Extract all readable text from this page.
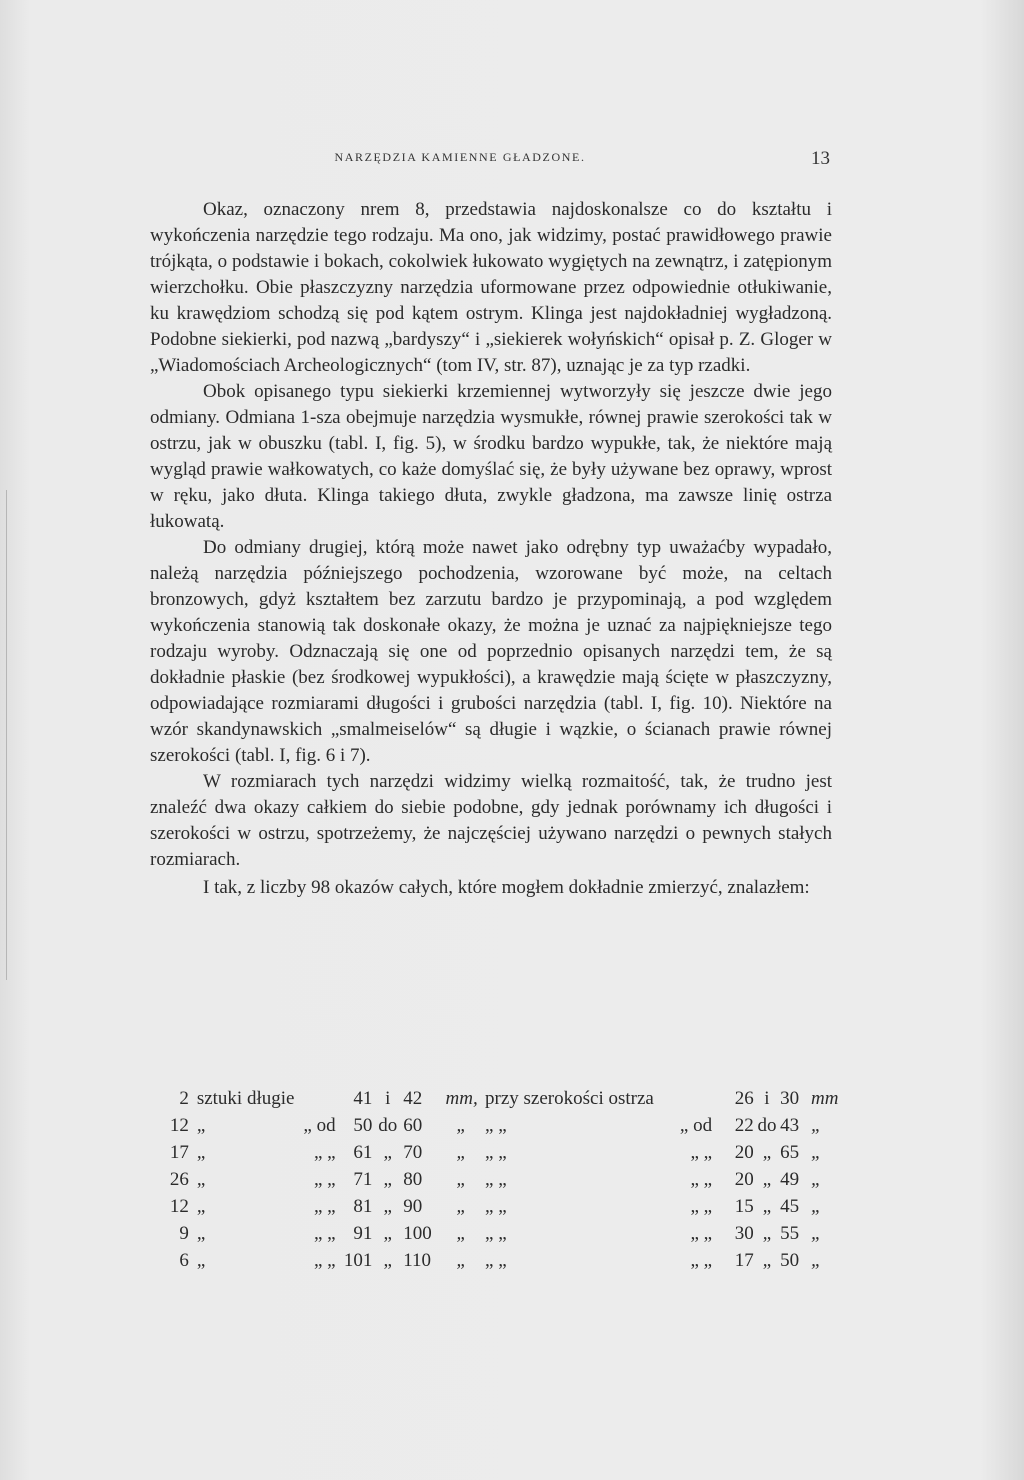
NARZĘDZIA KAMIENNE GŁADZONE.	13

Okaz, oznaczony nrem 8, przedstawia najdoskonalsze co do kształtu i wykończenia narzędzie tego rodzaju. Ma ono, jak widzimy, postać prawidłowego prawie trójkąta, o podstawie i bokach, cokolwiek łukowato wygiętych na zewnątrz, i zatępionym wierzchołku. Obie płaszczyzny narzędzia uformowane przez odpowiednie otłukiwanie, ku krawędziom schodzą się pod kątem ostrym. Klinga jest najdokładniej wygładzoną. Podobne siekierki, pod nazwą „bardyszy“ i „siekierek wołyńskich“ opisał p. Z. Gloger w „Wiadomościach Archeologicznych“ (tom IV, str. 87), uznając je za typ rzadki.

Obok opisanego typu siekierki krzemiennej wytworzyły się jeszcze dwie jego odmiany. Odmiana 1-sza obejmuje narzędzia wysmukłe, równej prawie szerokości tak w ostrzu, jak w obuszku (tabl. I, fig. 5), w środku bardzo wypukłe, tak, że niektóre mają wygląd prawie wałkowatych, co każe domyślać się, że były używane bez oprawy, wprost w ręku, jako dłuta. Klinga takiego dłuta, zwykle gładzona, ma zawsze linię ostrza łukowatą.

Do odmiany drugiej, którą może nawet jako odrębny typ uważaćby wypadało, należą narzędzia późniejszego pochodzenia, wzorowane być może, na celtach bronzowych, gdyż kształtem bez zarzutu bardzo je przypominają, a pod względem wykończenia stanowią tak doskonałe okazy, że można je uznać za najpiękniejsze tego rodzaju wyroby. Odznaczają się one od poprzednio opisanych narzędzi tem, że są dokładnie płaskie (bez środkowej wypukłości), a krawędzie mają ścięte w płaszczyzny, odpowiadające rozmiarami długości i grubości narzędzia (tabl. I, fig. 10). Niektóre na wzór skandynawskich „smalmeiselów“ są długie i wązkie, o ścianach prawie równej szerokości (tabl. I, fig. 6 i 7).

W rozmiarach tych narzędzi widzimy wielką rozmaitość, tak, że trudno jest znaleźć dwa okazy całkiem do siebie podobne, gdy jednak porównamy ich długości i szerokości w ostrzu, spotrzeżemy, że najczęściej używano narzędzi o pewnych stałych rozmiarach.

I tak, z liczby 98 okazów całych, które mogłem dokładnie zmierzyć, znalazłem:

2	sztuki długie		41	i	42	mm,	przy szerokości ostrza		26	i	30	mm
12	„	„ od	50	do	60	„	„ „	„ od	22	do	43	„
17	„	„ „	61	„	70	„	„ „	„ „	20	„	65	„
26	„	„ „	71	„	80	„	„ „	„ „	20	„	49	„
12	„	„ „	81	„	90	„	„ „	„ „	15	„	45	„
9	„	„ „	91	„	100	„	„ „	„ „	30	„	55	„
6	„	„ „	101	„	110	„	„ „	„ „	17	„	50	„
